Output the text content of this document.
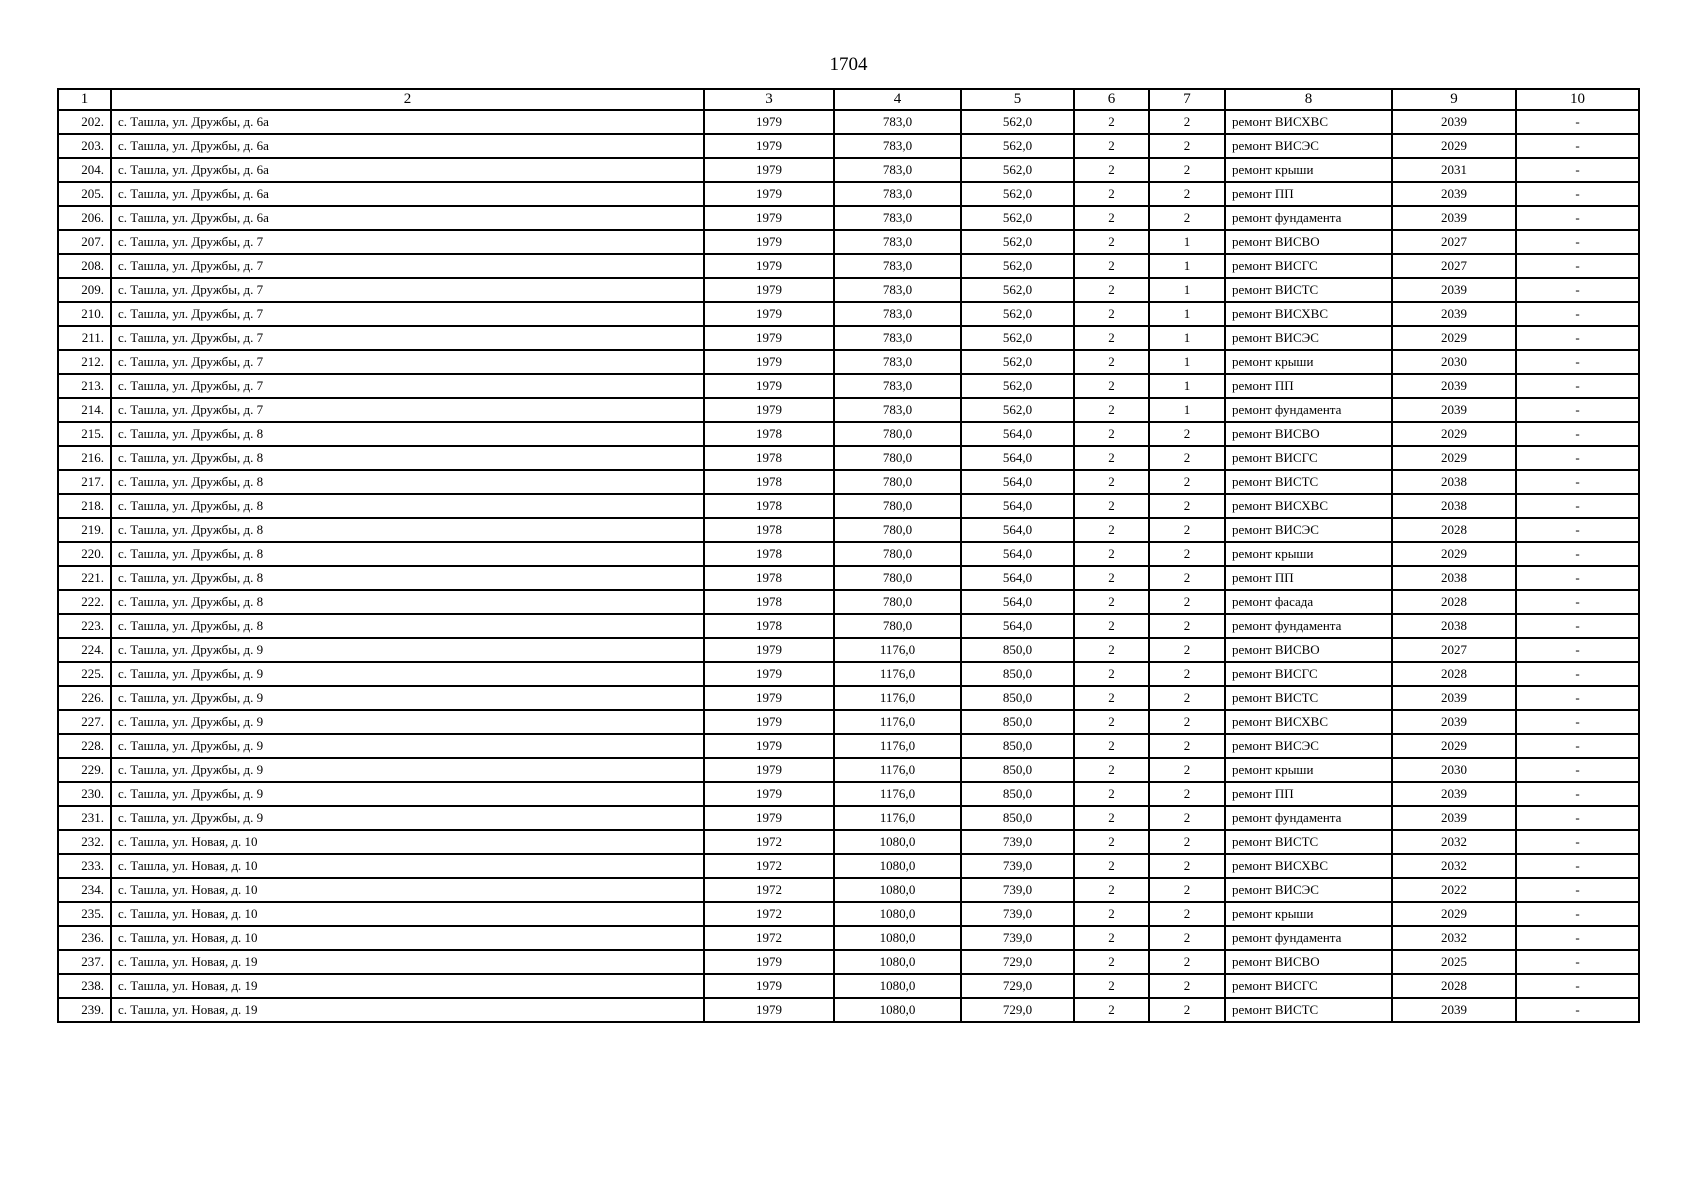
1704
1	2	3	4	5	6	7	8	9	10
202.	с. Ташла, ул. Дружбы, д. 6а	1979	783,0	562,0	2	2	ремонт ВИСХВС	2039	-
203.	с. Ташла, ул. Дружбы, д. 6а	1979	783,0	562,0	2	2	ремонт ВИСЭС	2029	-
204.	с. Ташла, ул. Дружбы, д. 6а	1979	783,0	562,0	2	2	ремонт крыши	2031	-
205.	с. Ташла, ул. Дружбы, д. 6а	1979	783,0	562,0	2	2	ремонт ПП	2039	-
206.	с. Ташла, ул. Дружбы, д. 6а	1979	783,0	562,0	2	2	ремонт фундамента	2039	-
207.	с. Ташла, ул. Дружбы, д. 7	1979	783,0	562,0	2	1	ремонт ВИСВО	2027	-
208.	с. Ташла, ул. Дружбы, д. 7	1979	783,0	562,0	2	1	ремонт ВИСГС	2027	-
209.	с. Ташла, ул. Дружбы, д. 7	1979	783,0	562,0	2	1	ремонт ВИСТС	2039	-
210.	с. Ташла, ул. Дружбы, д. 7	1979	783,0	562,0	2	1	ремонт ВИСХВС	2039	-
211.	с. Ташла, ул. Дружбы, д. 7	1979	783,0	562,0	2	1	ремонт ВИСЭС	2029	-
212.	с. Ташла, ул. Дружбы, д. 7	1979	783,0	562,0	2	1	ремонт крыши	2030	-
213.	с. Ташла, ул. Дружбы, д. 7	1979	783,0	562,0	2	1	ремонт ПП	2039	-
214.	с. Ташла, ул. Дружбы, д. 7	1979	783,0	562,0	2	1	ремонт фундамента	2039	-
215.	с. Ташла, ул. Дружбы, д. 8	1978	780,0	564,0	2	2	ремонт ВИСВО	2029	-
216.	с. Ташла, ул. Дружбы, д. 8	1978	780,0	564,0	2	2	ремонт ВИСГС	2029	-
217.	с. Ташла, ул. Дружбы, д. 8	1978	780,0	564,0	2	2	ремонт ВИСТС	2038	-
218.	с. Ташла, ул. Дружбы, д. 8	1978	780,0	564,0	2	2	ремонт ВИСХВС	2038	-
219.	с. Ташла, ул. Дружбы, д. 8	1978	780,0	564,0	2	2	ремонт ВИСЭС	2028	-
220.	с. Ташла, ул. Дружбы, д. 8	1978	780,0	564,0	2	2	ремонт крыши	2029	-
221.	с. Ташла, ул. Дружбы, д. 8	1978	780,0	564,0	2	2	ремонт ПП	2038	-
222.	с. Ташла, ул. Дружбы, д. 8	1978	780,0	564,0	2	2	ремонт фасада	2028	-
223.	с. Ташла, ул. Дружбы, д. 8	1978	780,0	564,0	2	2	ремонт фундамента	2038	-
224.	с. Ташла, ул. Дружбы, д. 9	1979	1176,0	850,0	2	2	ремонт ВИСВО	2027	-
225.	с. Ташла, ул. Дружбы, д. 9	1979	1176,0	850,0	2	2	ремонт ВИСГС	2028	-
226.	с. Ташла, ул. Дружбы, д. 9	1979	1176,0	850,0	2	2	ремонт ВИСТС	2039	-
227.	с. Ташла, ул. Дружбы, д. 9	1979	1176,0	850,0	2	2	ремонт ВИСХВС	2039	-
228.	с. Ташла, ул. Дружбы, д. 9	1979	1176,0	850,0	2	2	ремонт ВИСЭС	2029	-
229.	с. Ташла, ул. Дружбы, д. 9	1979	1176,0	850,0	2	2	ремонт крыши	2030	-
230.	с. Ташла, ул. Дружбы, д. 9	1979	1176,0	850,0	2	2	ремонт ПП	2039	-
231.	с. Ташла, ул. Дружбы, д. 9	1979	1176,0	850,0	2	2	ремонт фундамента	2039	-
232.	с. Ташла, ул. Новая, д. 10	1972	1080,0	739,0	2	2	ремонт ВИСТС	2032	-
233.	с. Ташла, ул. Новая, д. 10	1972	1080,0	739,0	2	2	ремонт ВИСХВС	2032	-
234.	с. Ташла, ул. Новая, д. 10	1972	1080,0	739,0	2	2	ремонт ВИСЭС	2022	-
235.	с. Ташла, ул. Новая, д. 10	1972	1080,0	739,0	2	2	ремонт крыши	2029	-
236.	с. Ташла, ул. Новая, д. 10	1972	1080,0	739,0	2	2	ремонт фундамента	2032	-
237.	с. Ташла, ул. Новая, д. 19	1979	1080,0	729,0	2	2	ремонт ВИСВО	2025	-
238.	с. Ташла, ул. Новая, д. 19	1979	1080,0	729,0	2	2	ремонт ВИСГС	2028	-
239.	с. Ташла, ул. Новая, д. 19	1979	1080,0	729,0	2	2	ремонт ВИСТС	2039	-
